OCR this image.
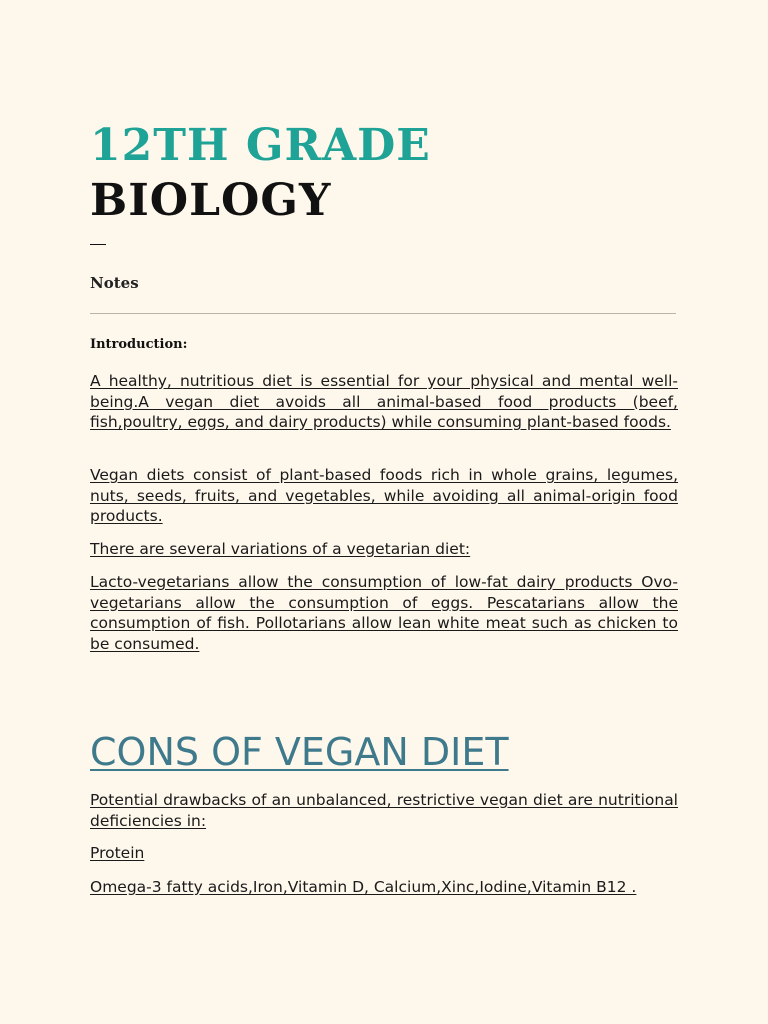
12TH GRADE
BIOLOGY
Notes
Introduction:
A healthy, nutritious diet is essential for your physical and mental well-being.A vegan diet avoids all animal-based food products (beef, fish,poultry, eggs, and dairy products) while consuming plant-based foods.
Vegan diets consist of plant-based foods rich in whole grains, legumes, nuts, seeds, fruits, and vegetables, while avoiding all animal-origin food products.
There are several variations of a vegetarian diet:
Lacto-vegetarians allow the consumption of low-fat dairy products Ovo-vegetarians allow the consumption of eggs. Pescatarians allow the consumption of fish. Pollotarians allow lean white meat such as chicken to be consumed.
CONS OF VEGAN DIET
Potential drawbacks of an unbalanced, restrictive vegan diet are nutritional deficiencies in:
Protein
Omega-3 fatty acids,Iron,Vitamin D, Calcium,Xinc,Iodine,Vitamin B12 .
